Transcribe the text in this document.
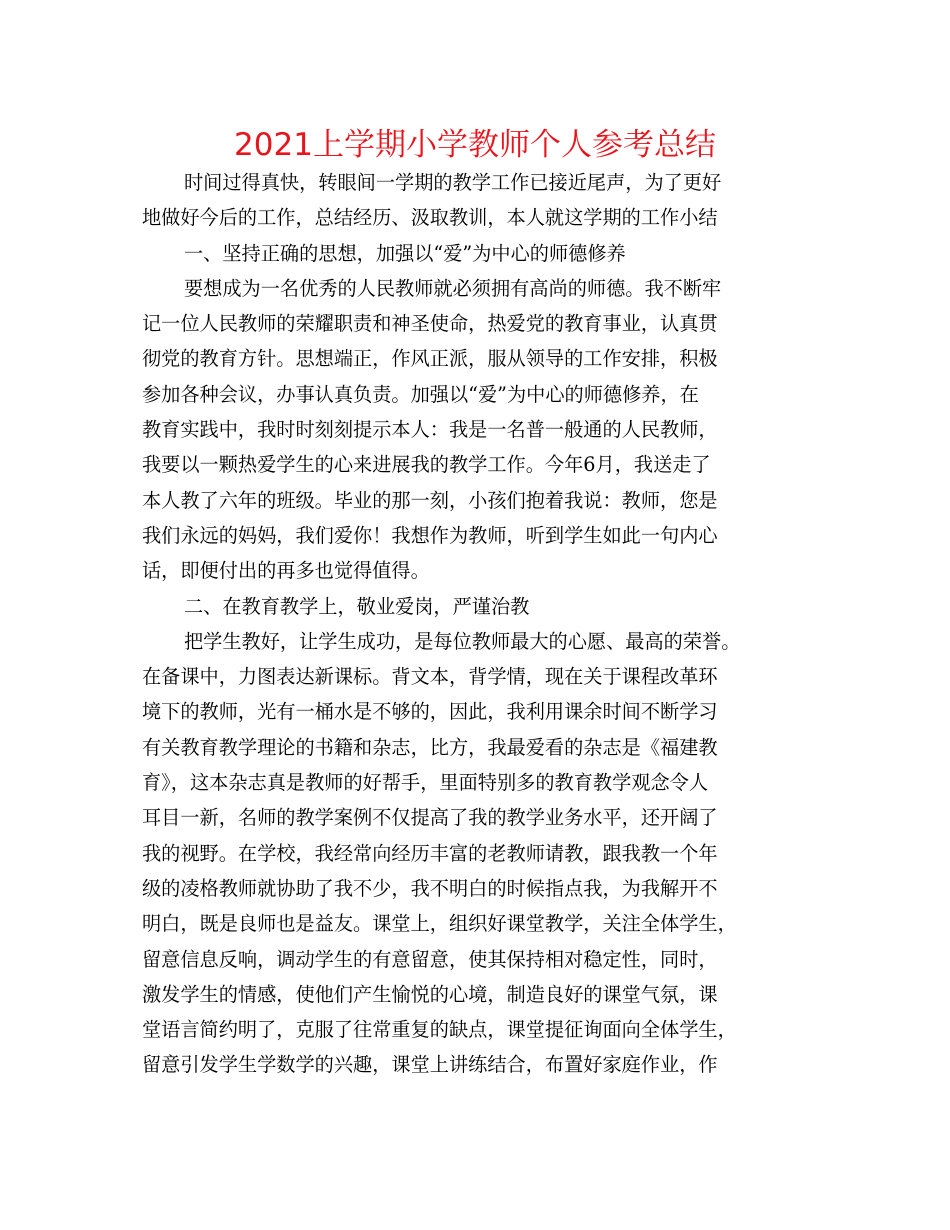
2021上学期小学教师个人参考总结
时间过得真快，转眼间一学期的教学工作已接近尾声，为了更好
地做好今后的工作，总结经历、汲取教训，本人就这学期的工作小结
一、坚持正确的思想，加强以“爱”为中心的师德修养
要想成为一名优秀的人民教师就必须拥有高尚的师德。我不断牢
记一位人民教师的荣耀职责和神圣使命，热爱党的教育事业，认真贯
彻党的教育方针。思想端正，作风正派，服从领导的工作安排，积极
参加各种会议，办事认真负责。加强以“爱”为中心的师德修养，在
教育实践中，我时时刻刻提示本人：我是一名普一般通的人民教师，
我要以一颗热爱学生的心来进展我的教学工作。今年6月，我送走了
本人教了六年的班级。毕业的那一刻，小孩们抱着我说：教师，您是
我们永远的妈妈，我们爱你！我想作为教师，听到学生如此一句内心
话，即便付出的再多也觉得值得。
二、在教育教学上，敬业爱岗，严谨治教
把学生教好，让学生成功，是每位教师最大的心愿、最高的荣誉。
在备课中，力图表达新课标。背文本，背学情，现在关于课程改革环
境下的教师，光有一桶水是不够的，因此，我利用课余时间不断学习
有关教育教学理论的书籍和杂志，比方，我最爱看的杂志是《福建教
育》，这本杂志真是教师的好帮手，里面特别多的教育教学观念令人
耳目一新，名师的教学案例不仅提高了我的教学业务水平，还开阔了
我的视野。在学校，我经常向经历丰富的老教师请教，跟我教一个年
级的凌格教师就协助了我不少，我不明白的时候指点我，为我解开不
明白，既是良师也是益友。课堂上，组织好课堂教学，关注全体学生，
留意信息反响，调动学生的有意留意，使其保持相对稳定性，同时，
激发学生的情感，使他们产生愉悦的心境，制造良好的课堂气氛，课
堂语言简约明了，克服了往常重复的缺点，课堂提征询面向全体学生，
留意引发学生学数学的兴趣，课堂上讲练结合，布置好家庭作业，作
